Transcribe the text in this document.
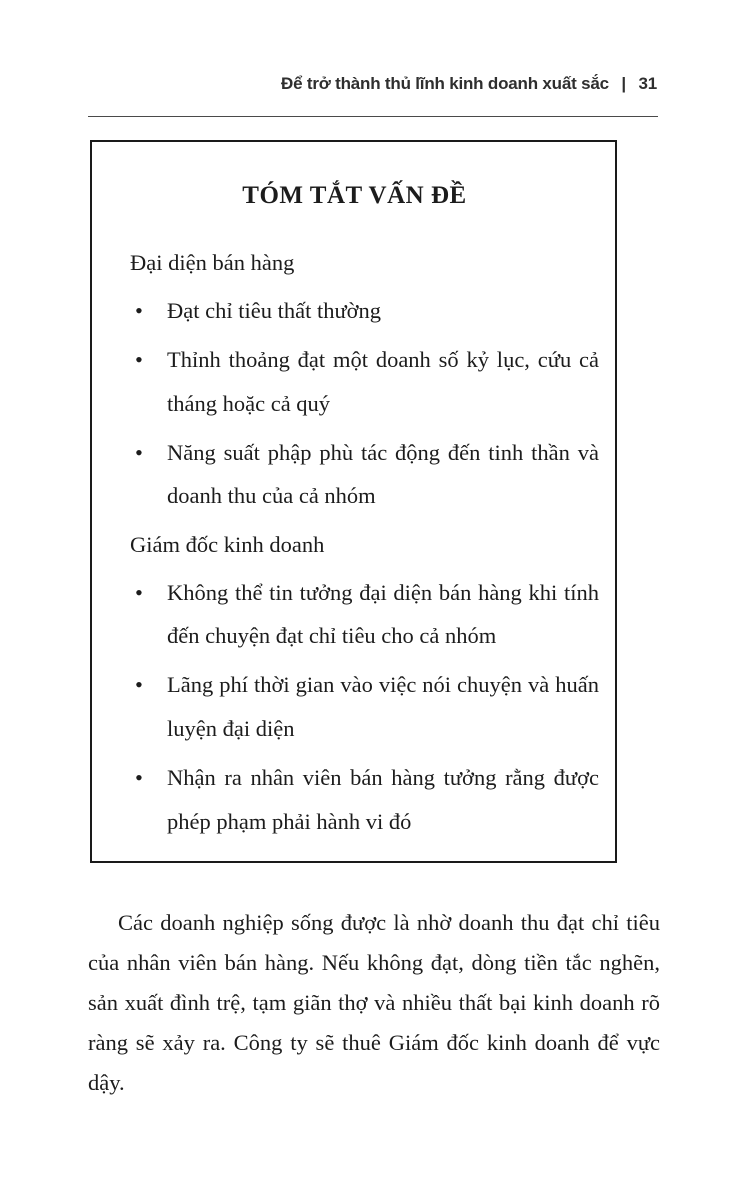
Để trở thành thủ lĩnh kinh doanh xuất sắc | 31
TÓM TẮT VẤN ĐỀ

Đại diện bán hàng

•	Đạt chỉ tiêu thất thường
•	Thỉnh thoảng đạt một doanh số kỷ lục, cứu cả tháng hoặc cả quý
•	Năng suất phập phù tác động đến tinh thần và doanh thu của cả nhóm

Giám đốc kinh doanh

•	Không thể tin tưởng đại diện bán hàng khi tính đến chuyện đạt chỉ tiêu cho cả nhóm
•	Lãng phí thời gian vào việc nói chuyện và huấn luyện đại diện
•	Nhận ra nhân viên bán hàng tưởng rằng được phép phạm phải hành vi đó

Các doanh nghiệp sống được là nhờ doanh thu đạt chỉ tiêu của nhân viên bán hàng. Nếu không đạt, dòng tiền tắc nghẽn, sản xuất đình trệ, tạm giãn thợ và nhiều thất bại kinh doanh rõ ràng sẽ xảy ra. Công ty sẽ thuê Giám đốc kinh doanh để vực dậy.
